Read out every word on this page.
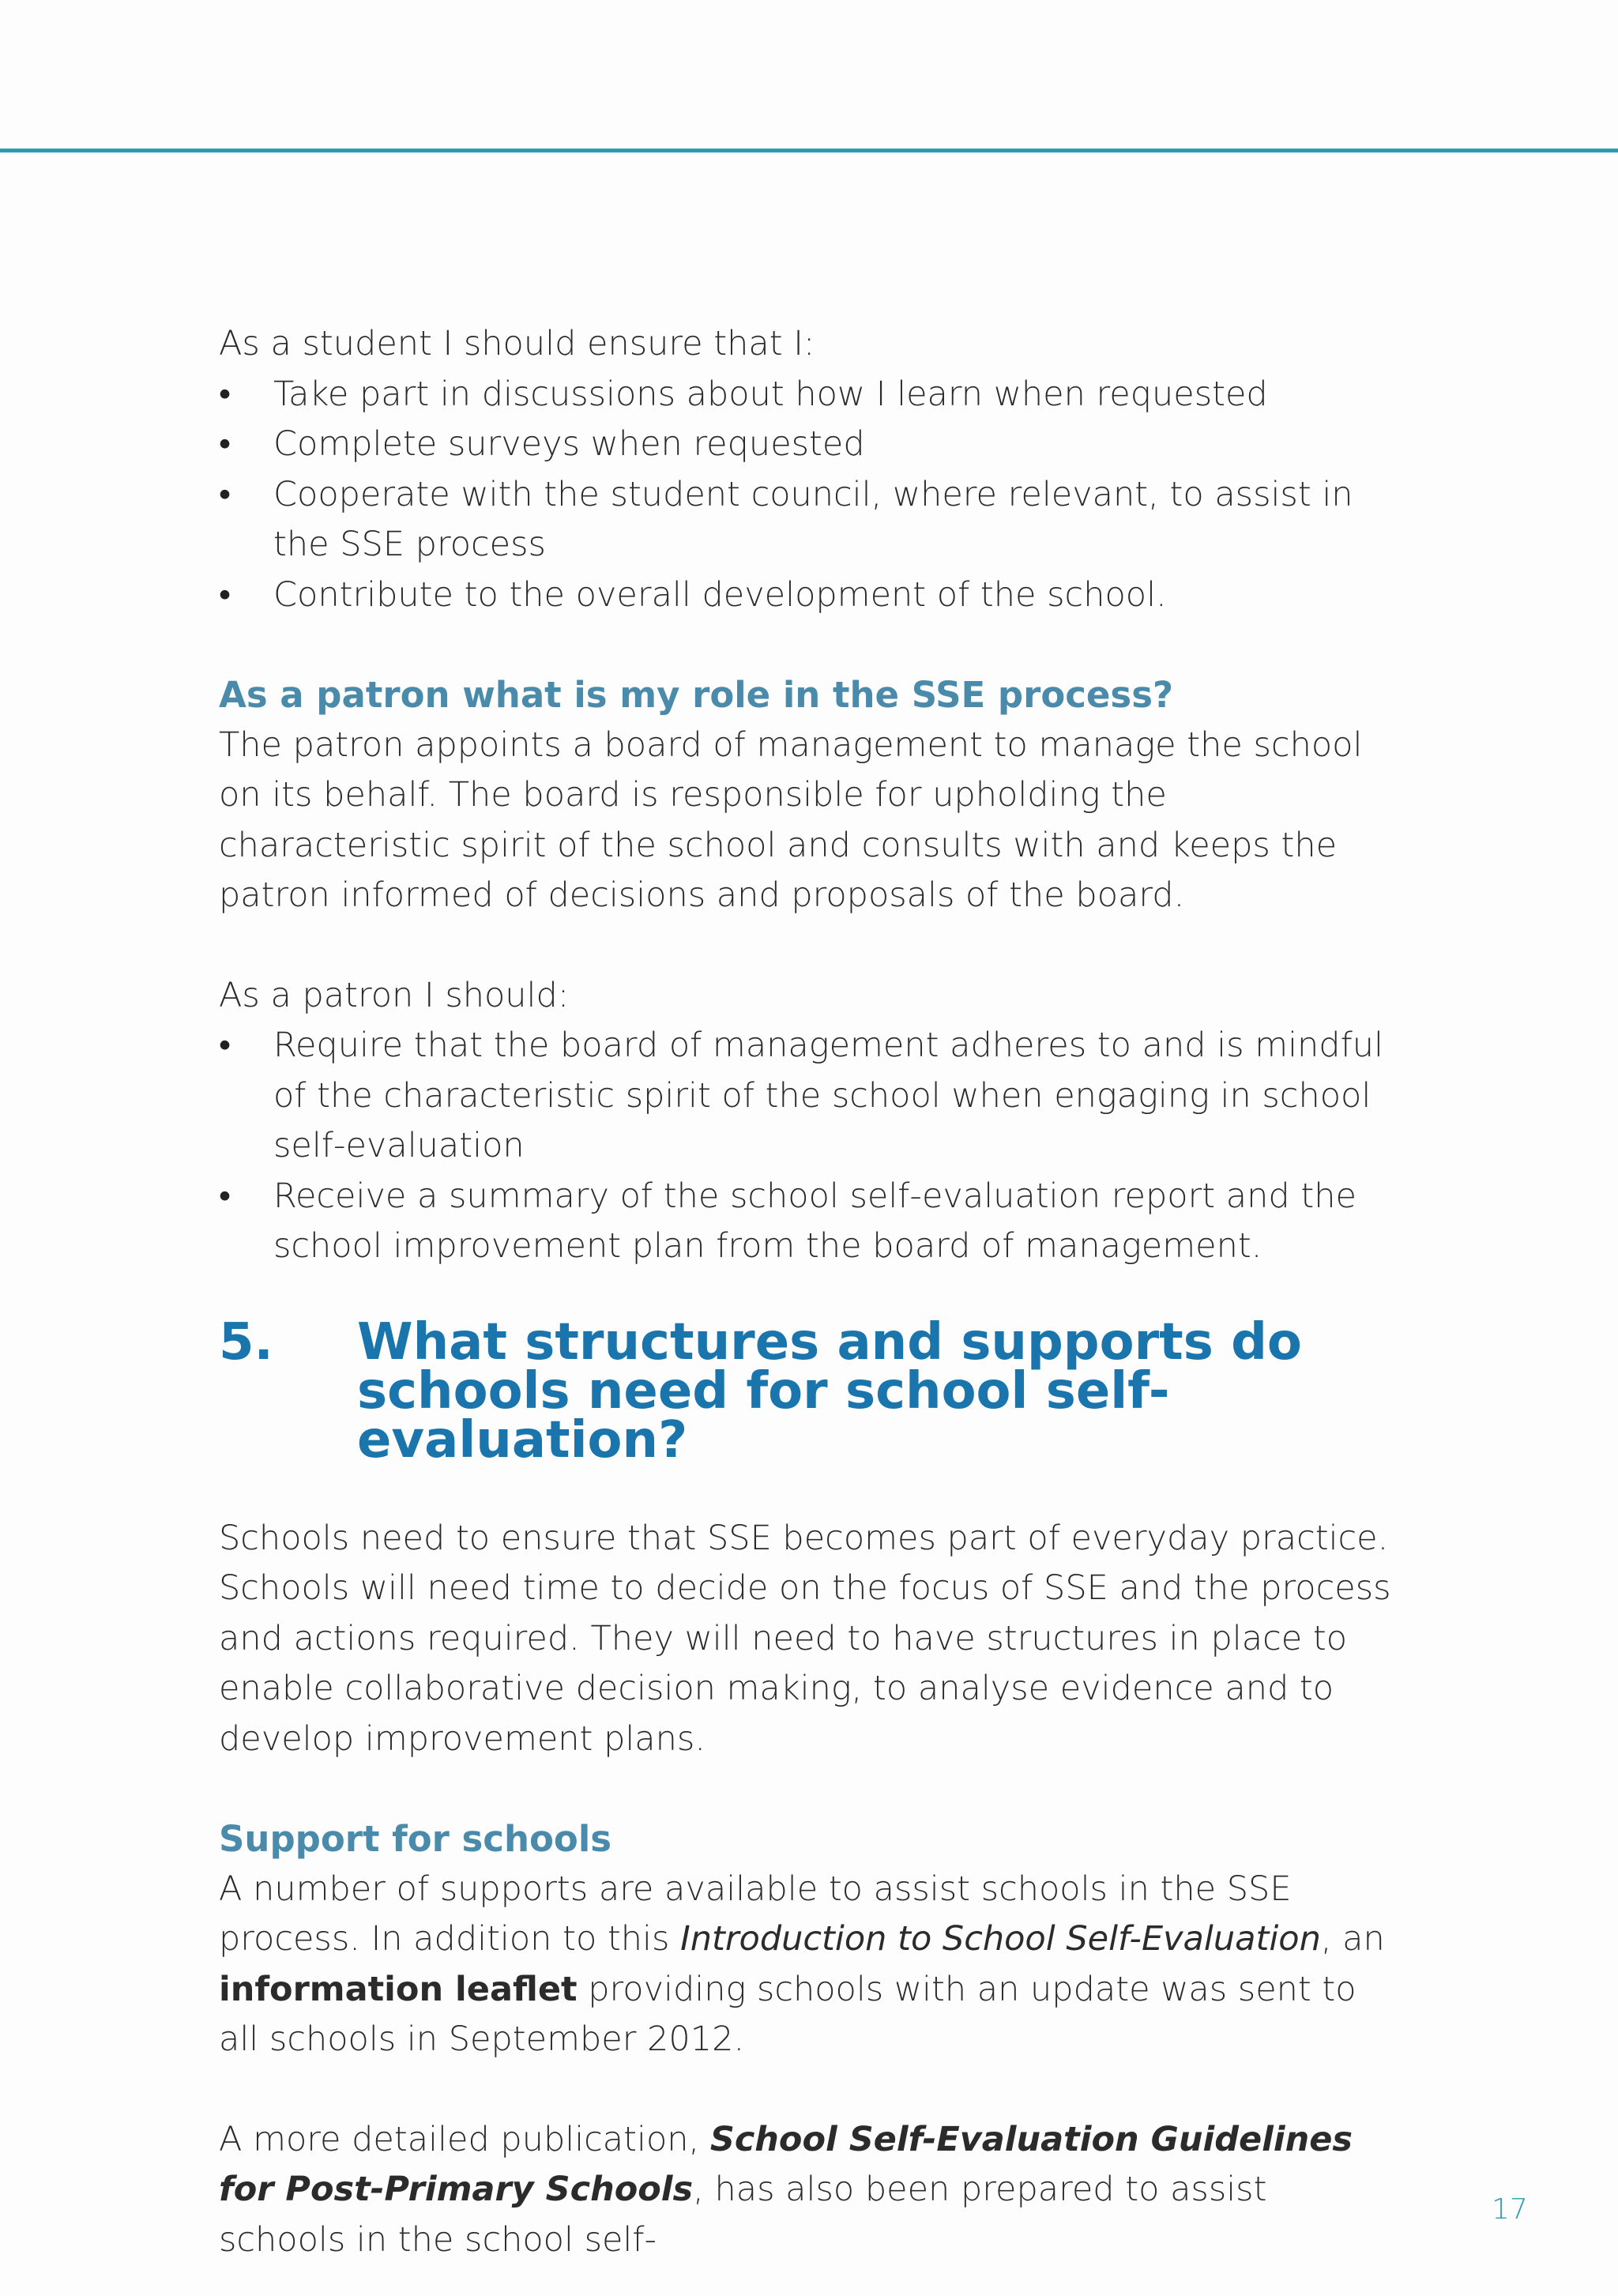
As a student I should ensure that I:

• Take part in discussions about how I learn when requested
• Complete surveys when requested
• Cooperate with the student council, where relevant, to assist in the SSE process
• Contribute to the overall development of the school.
As a patron what is my role in the SSE process?

The patron appoints a board of management to manage the school on its behalf. The board is responsible for upholding the characteristic spirit of the school and consults with and keeps the patron informed of decisions and proposals of the board.

As a patron I should:

• Require that the board of management adheres to and is mindful of the characteristic spirit of the school when engaging in school self-evaluation
• Receive a summary of the school self-evaluation report and the school improvement plan from the board of management.
5.	What structures and supports do schools need for school self-evaluation?

Schools need to ensure that SSE becomes part of everyday practice. Schools will need time to decide on the focus of SSE and the process and actions required. They will need to have structures in place to enable collaborative decision making, to analyse evidence and to develop improvement plans.

Support for schools

A number of supports are available to assist schools in the SSE process. In addition to this Introduction to School Self-Evaluation, an information leaflet providing schools with an update was sent to all schools in September 2012.

A more detailed publication, School Self-Evaluation Guidelines for Post-Primary Schools, has also been prepared to assist schools in the school self-

17
